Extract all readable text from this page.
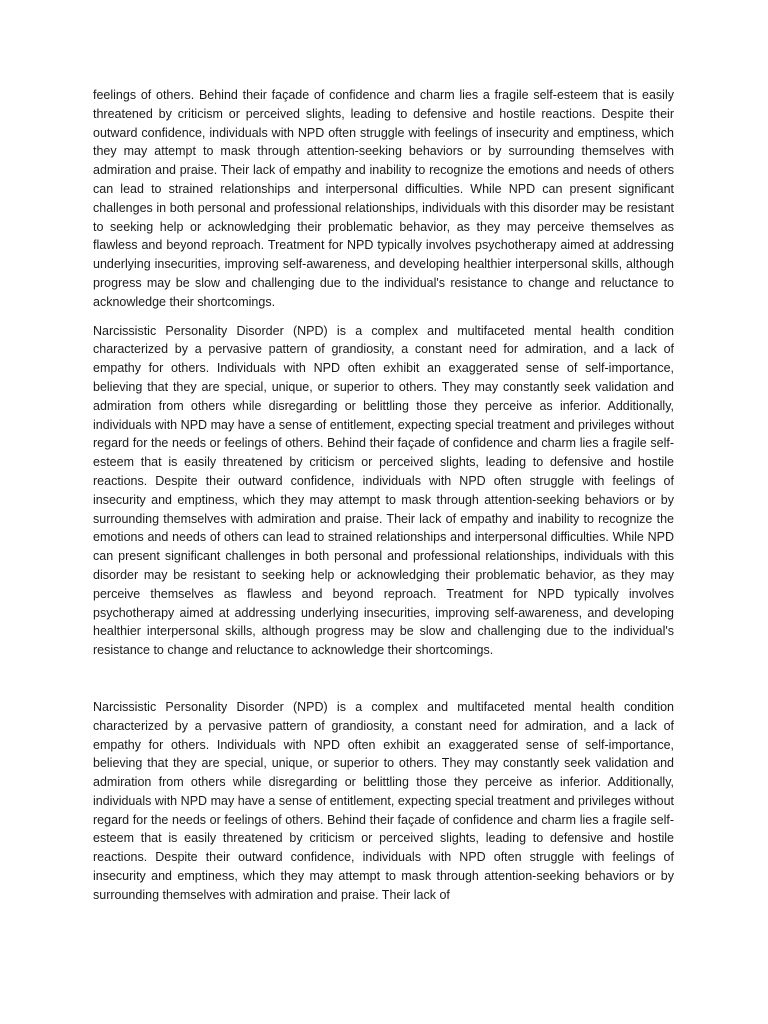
feelings of others. Behind their façade of confidence and charm lies a fragile self-esteem that is easily threatened by criticism or perceived slights, leading to defensive and hostile reactions. Despite their outward confidence, individuals with NPD often struggle with feelings of insecurity and emptiness, which they may attempt to mask through attention-seeking behaviors or by surrounding themselves with admiration and praise. Their lack of empathy and inability to recognize the emotions and needs of others can lead to strained relationships and interpersonal difficulties. While NPD can present significant challenges in both personal and professional relationships, individuals with this disorder may be resistant to seeking help or acknowledging their problematic behavior, as they may perceive themselves as flawless and beyond reproach. Treatment for NPD typically involves psychotherapy aimed at addressing underlying insecurities, improving self-awareness, and developing healthier interpersonal skills, although progress may be slow and challenging due to the individual's resistance to change and reluctance to acknowledge their shortcomings.

Narcissistic Personality Disorder (NPD) is a complex and multifaceted mental health condition characterized by a pervasive pattern of grandiosity, a constant need for admiration, and a lack of empathy for others. Individuals with NPD often exhibit an exaggerated sense of self-importance, believing that they are special, unique, or superior to others. They may constantly seek validation and admiration from others while disregarding or belittling those they perceive as inferior. Additionally, individuals with NPD may have a sense of entitlement, expecting special treatment and privileges without regard for the needs or feelings of others. Behind their façade of confidence and charm lies a fragile self-esteem that is easily threatened by criticism or perceived slights, leading to defensive and hostile reactions. Despite their outward confidence, individuals with NPD often struggle with feelings of insecurity and emptiness, which they may attempt to mask through attention-seeking behaviors or by surrounding themselves with admiration and praise. Their lack of empathy and inability to recognize the emotions and needs of others can lead to strained relationships and interpersonal difficulties. While NPD can present significant challenges in both personal and professional relationships, individuals with this disorder may be resistant to seeking help or acknowledging their problematic behavior, as they may perceive themselves as flawless and beyond reproach. Treatment for NPD typically involves psychotherapy aimed at addressing underlying insecurities, improving self-awareness, and developing healthier interpersonal skills, although progress may be slow and challenging due to the individual's resistance to change and reluctance to acknowledge their shortcomings.

Narcissistic Personality Disorder (NPD) is a complex and multifaceted mental health condition characterized by a pervasive pattern of grandiosity, a constant need for admiration, and a lack of empathy for others. Individuals with NPD often exhibit an exaggerated sense of self-importance, believing that they are special, unique, or superior to others. They may constantly seek validation and admiration from others while disregarding or belittling those they perceive as inferior. Additionally, individuals with NPD may have a sense of entitlement, expecting special treatment and privileges without regard for the needs or feelings of others. Behind their façade of confidence and charm lies a fragile self-esteem that is easily threatened by criticism or perceived slights, leading to defensive and hostile reactions. Despite their outward confidence, individuals with NPD often struggle with feelings of insecurity and emptiness, which they may attempt to mask through attention-seeking behaviors or by surrounding themselves with admiration and praise. Their lack of
